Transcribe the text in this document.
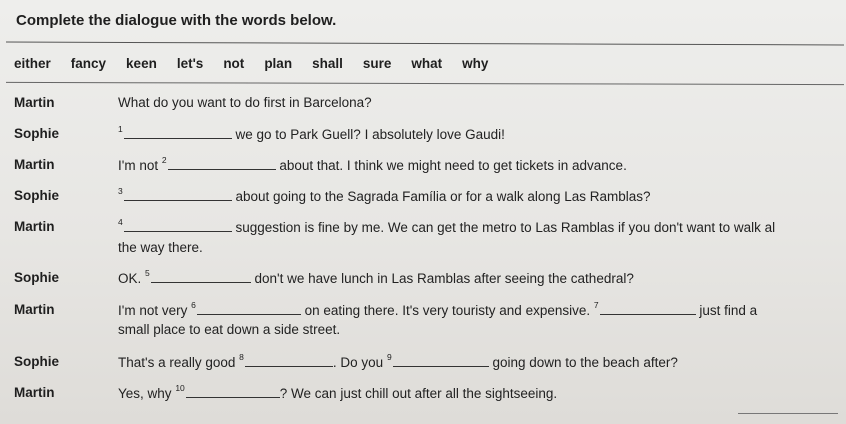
Complete the dialogue with the words below.
either fancy keen let's not plan shall sure what why
Martin	What do you want to do first in Barcelona?
Sophie	$^1$	we go to Park Guell? I absolutely love Gaudi!
Martin	I'm not $^2$	about that. I think we might need to get tickets in advance.
Sophie	$^3$	about going to the Sagrada Família or for a walk along Las Ramblas?
Martin	$^4$	suggestion is fine by me. We can get the metro to Las Ramblas if you don't want to walk al
the way there.
Sophie	OK. $^5$	don't we have lunch in Las Ramblas after seeing the cathedral?
Martin	I'm not very $^6$	on eating there. It's very touristy and expensive. $^7$	just find a
small place to eat down a side street.
Sophie	That's a really good $^8$	. Do you $^9$	going down to the beach after?
Martin	Yes, why $^{10}$	? We can just chill out after all the sightseeing.
